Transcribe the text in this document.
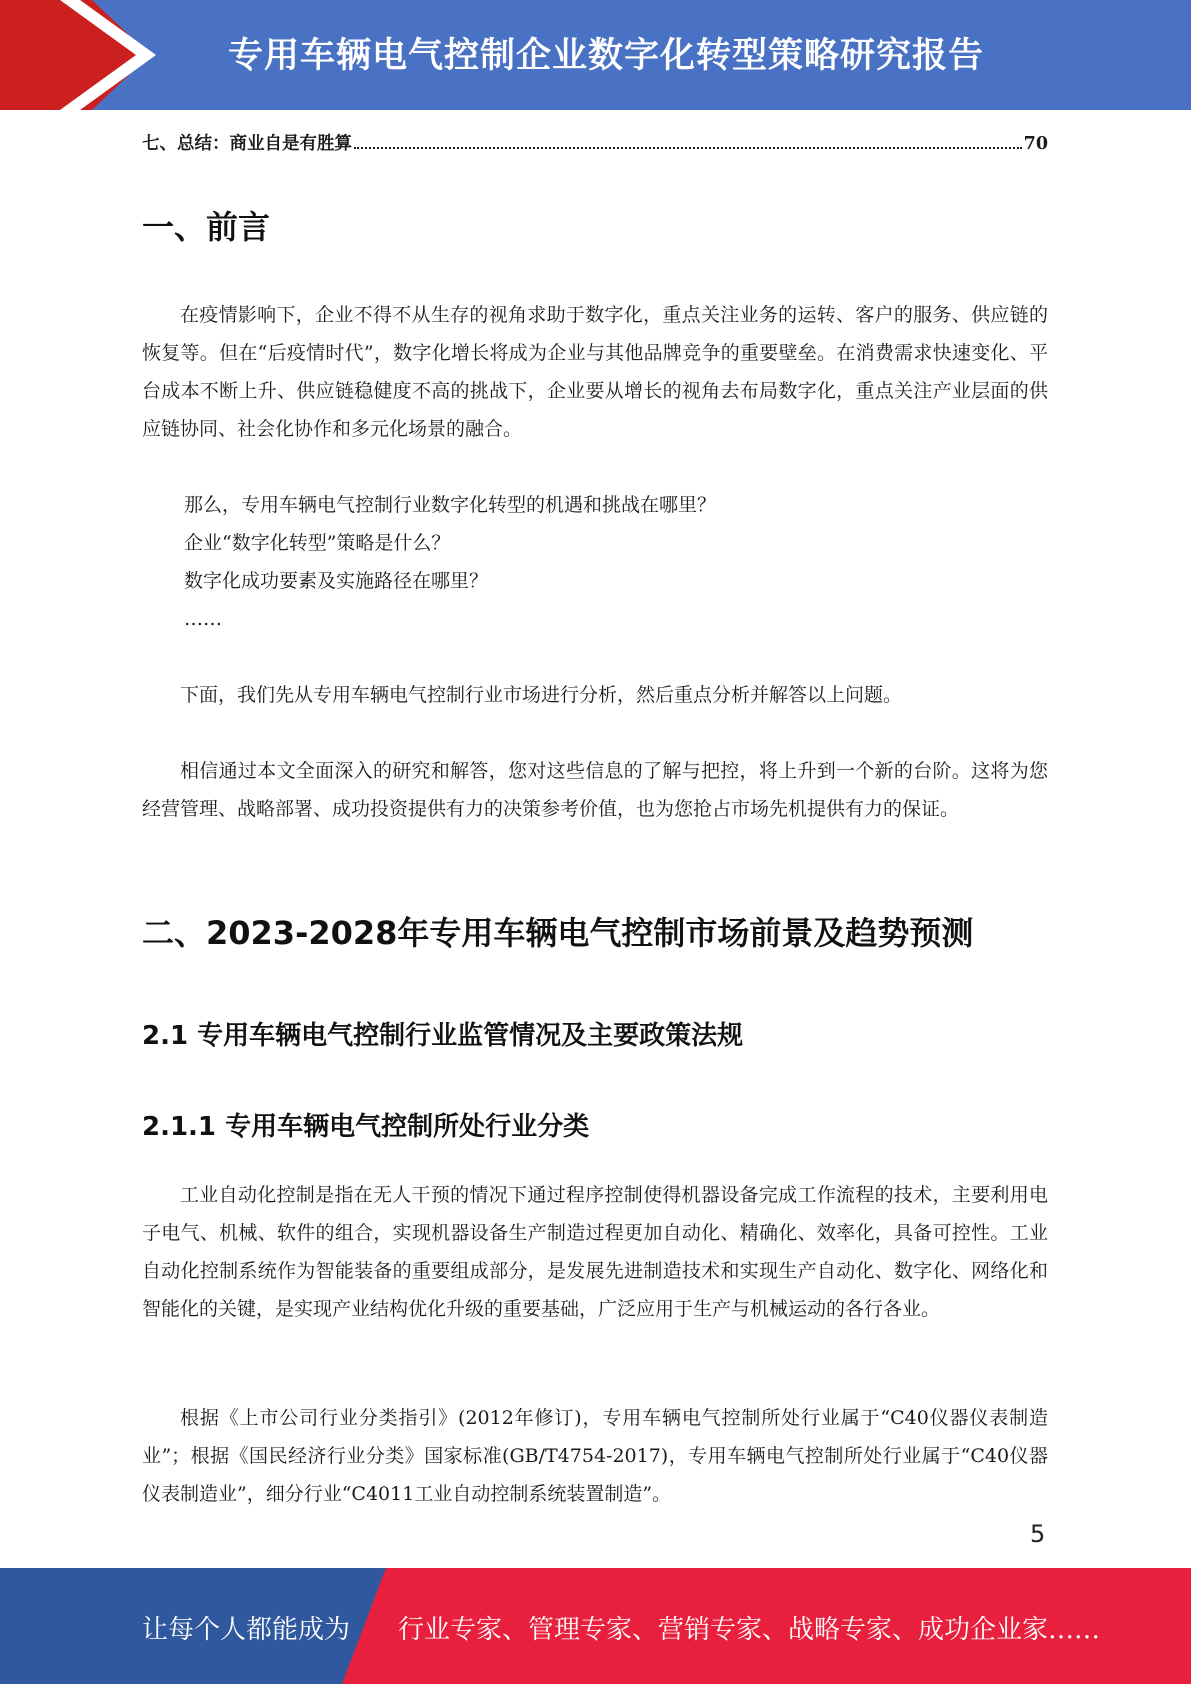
专用车辆电气控制企业数字化转型策略研究报告
七、总结：商业自是有胜算	70
一、前言

在疫情影响下，企业不得不从生存的视角求助于数字化，重点关注业务的运转、客户的服务、供应链的恢复等。但在“后疫情时代”，数字化增长将成为企业与其他品牌竞争的重要壁垒。在消费需求快速变化、平台成本不断上升、供应链稳健度不高的挑战下，企业要从增长的视角去布局数字化，重点关注产业层面的供应链协同、社会化协作和多元化场景的融合。

那么，专用车辆电气控制行业数字化转型的机遇和挑战在哪里？

企业“数字化转型”策略是什么？

数字化成功要素及实施路径在哪里？

……

下面，我们先从专用车辆电气控制行业市场进行分析，然后重点分析并解答以上问题。

相信通过本文全面深入的研究和解答，您对这些信息的了解与把控，将上升到一个新的台阶。这将为您经营管理、战略部署、成功投资提供有力的决策参考价值，也为您抢占市场先机提供有力的保证。

二、2023-2028年专用车辆电气控制市场前景及趋势预测
2.1 专用车辆电气控制行业监管情况及主要政策法规
2.1.1 专用车辆电气控制所处行业分类

工业自动化控制是指在无人干预的情况下通过程序控制使得机器设备完成工作流程的技术，主要利用电子电气、机械、软件的组合，实现机器设备生产制造过程更加自动化、精确化、效率化，具备可控性。工业自动化控制系统作为智能装备的重要组成部分，是发展先进制造技术和实现生产自动化、数字化、网络化和智能化的关键，是实现产业结构优化升级的重要基础，广泛应用于生产与机械运动的各行各业。

根据《上市公司行业分类指引》(2012年修订)，专用车辆电气控制所处行业属于“C40仪器仪表制造业”；根据《国民经济行业分类》国家标准(GB/T4754-2017)，专用车辆电气控制所处行业属于“C40仪器仪表制造业”，细分行业“C4011工业自动控制系统装置制造”。

5
让每个人都能成为 行业专家、管理专家、营销专家、战略专家、成功企业家……
